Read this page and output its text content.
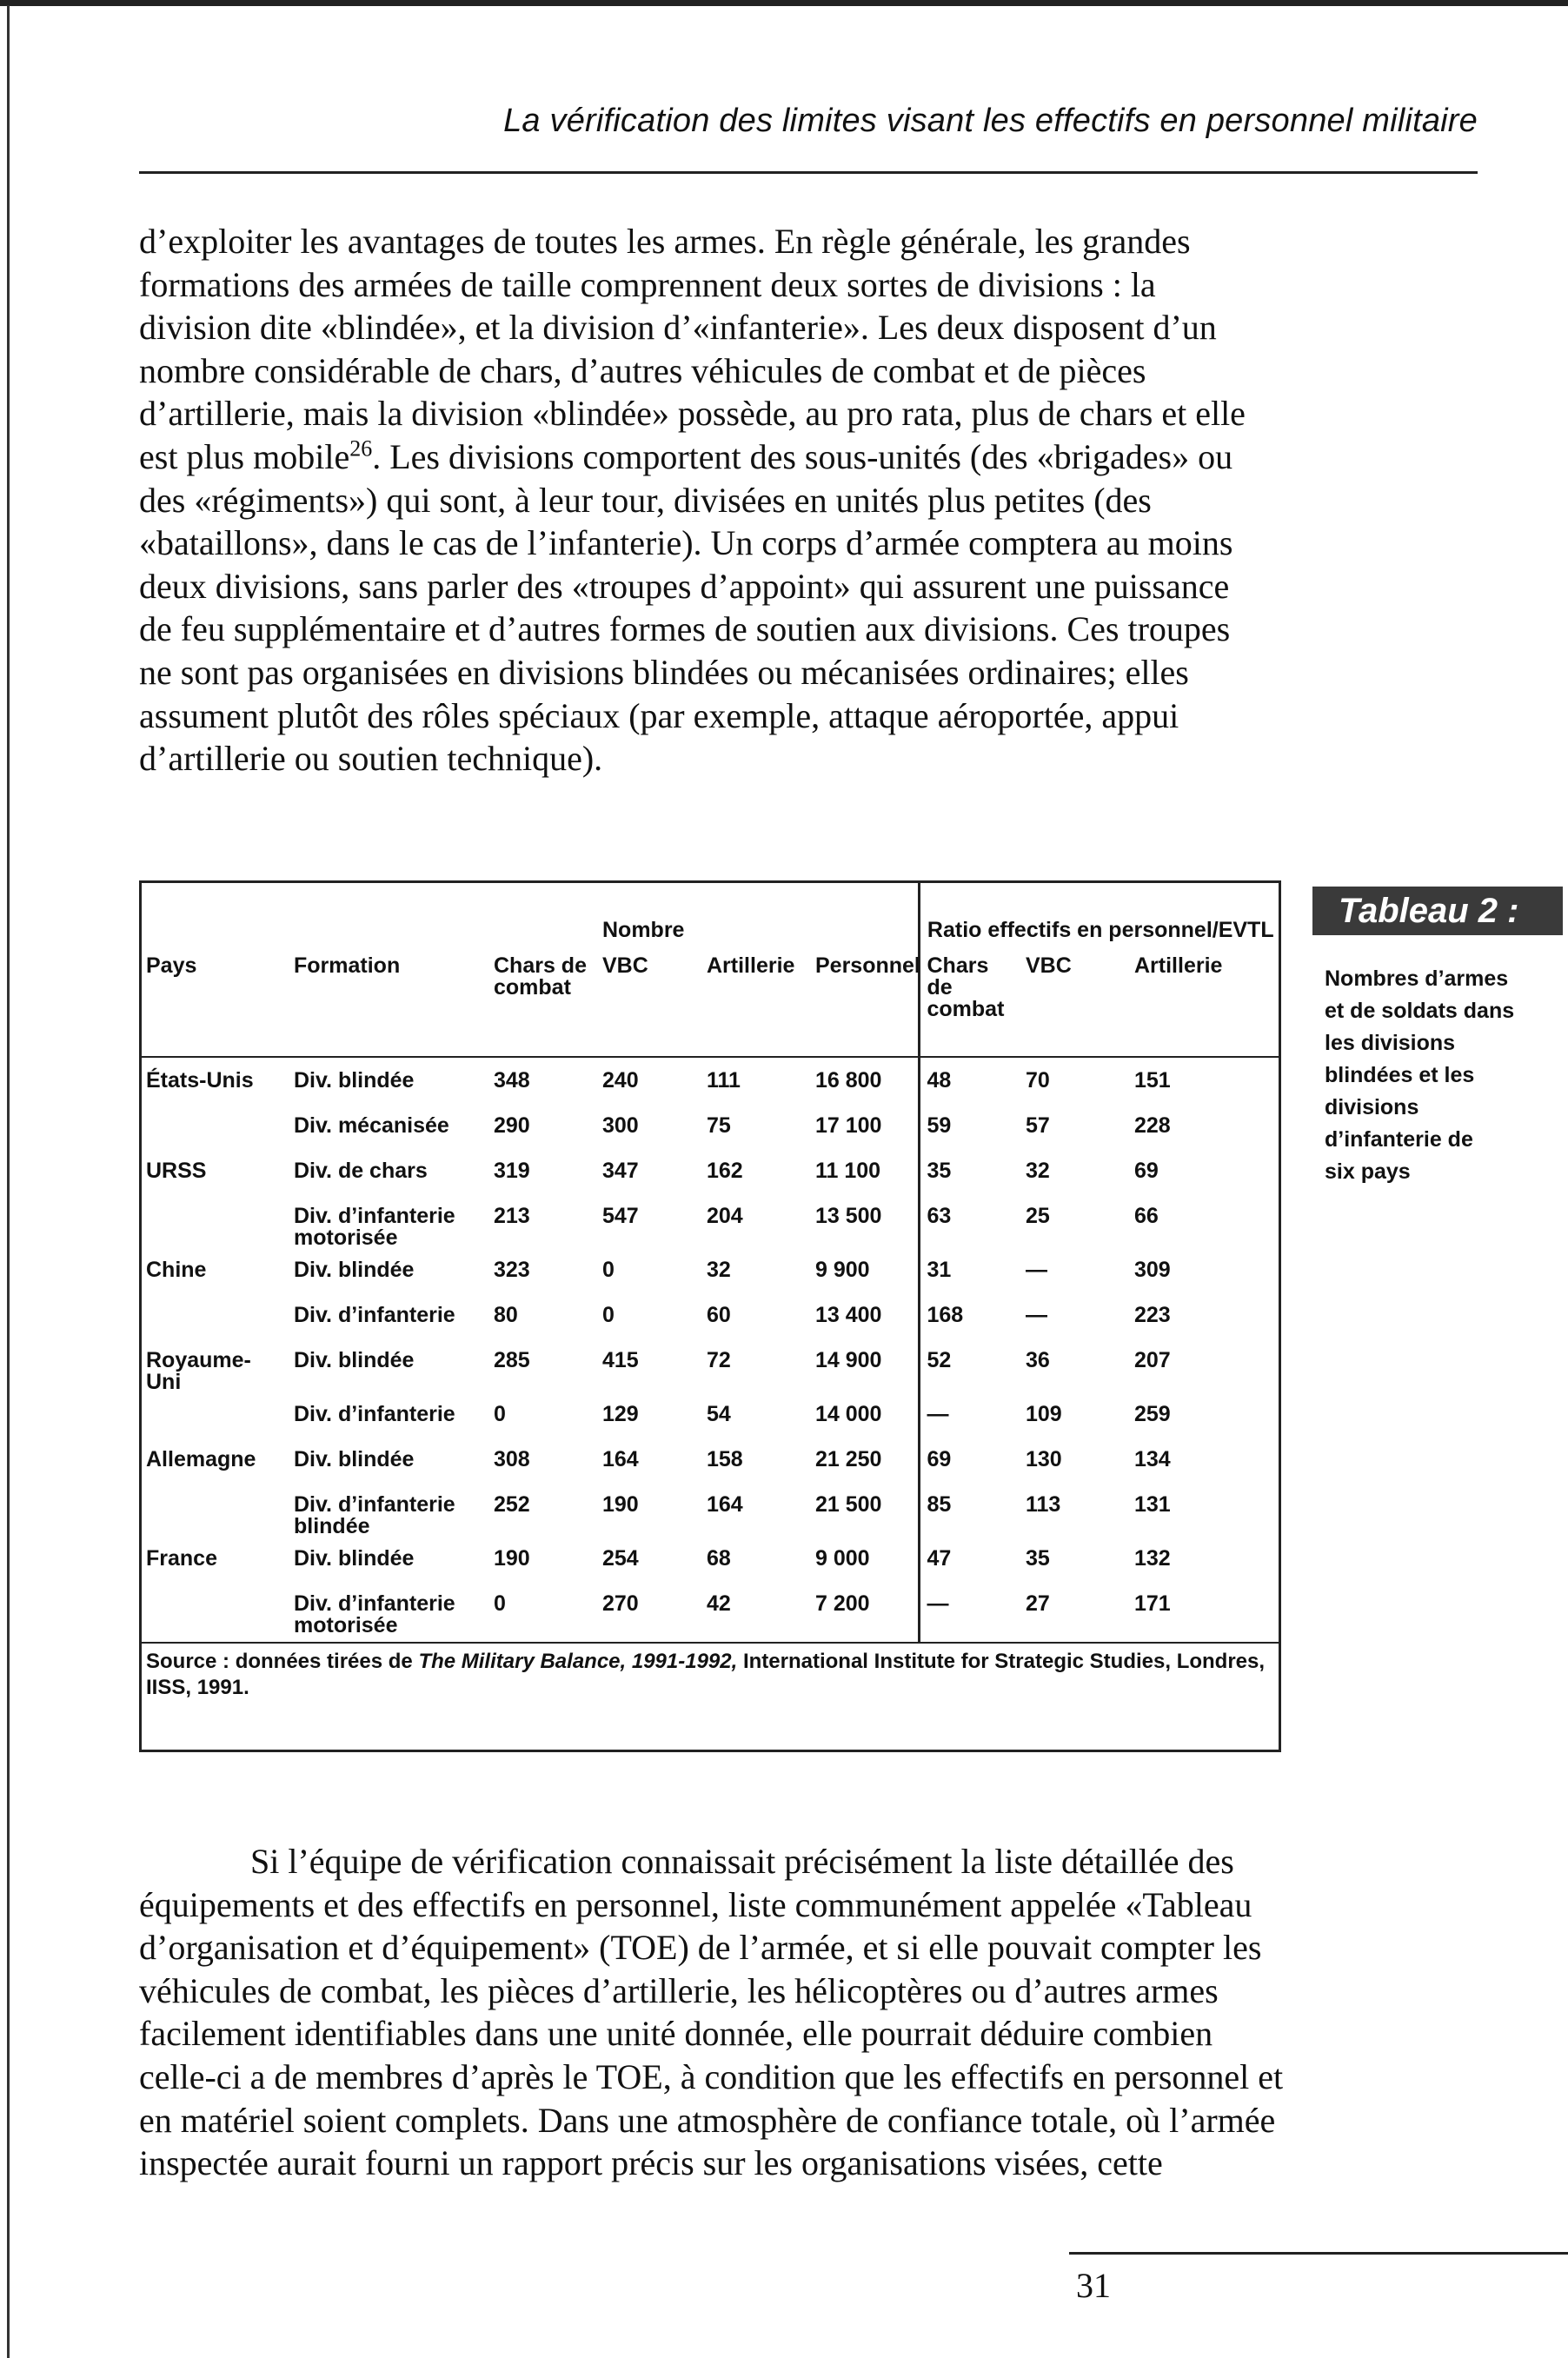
La vérification des limites visant les effectifs en personnel militaire
d’exploiter les avantages de toutes les armes. En règle générale, les grandes
formations des armées de taille comprennent deux sortes de divisions : la
division dite «blindée», et la division d’«infanterie». Les deux disposent d’un
nombre considérable de chars, d’autres véhicules de combat et de pièces
d’artillerie, mais la division «blindée» possède, au pro rata, plus de chars et elle
est plus mobile$^{26}$. Les divisions comportent des sous-unités (des «brigades» ou
des «régiments») qui sont, à leur tour, divisées en unités plus petites (des
«bataillons», dans le cas de l’infanterie). Un corps d’armée comptera au moins
deux divisions, sans parler des «troupes d’appoint» qui assurent une puissance
de feu supplémentaire et d’autres formes de soutien aux divisions. Ces troupes
ne sont pas organisées en divisions blindées ou mécanisées ordinaires; elles
assument plutôt des rôles spéciaux (par exemple, attaque aéroportée, appui
d’artillerie ou soutien technique).
			Nombre			Ratio effectifs en personnel/EVTL		
Pays	Formation	Chars de combat	VBC	Artillerie	Personnel	Chars de combat	VBC	Artillerie
États-Unis	Div. blindée	348	240	111	16 800	48	70	151
	Div. mécanisée	290	300	75	17 100	59	57	228
URSS	Div. de chars	319	347	162	11 100	35	32	69
	Div. d’infanterie motorisée	213	547	204	13 500	63	25	66
Chine	Div. blindée	323	0	32	9 900	31	—	309
	Div. d’infanterie	80	0	60	13 400	168	—	223
Royaume-Uni	Div. blindée	285	415	72	14 900	52	36	207
	Div. d’infanterie	0	129	54	14 000	—	109	259
Allemagne	Div. blindée	308	164	158	21 250	69	130	134
	Div. d’infanterie blindée	252	190	164	21 500	85	113	131
France	Div. blindée	190	254	68	9 000	47	35	132
	Div. d’infanterie motorisée	0	270	42	7 200	—	27	171
Source : données tirées de The Military Balance, 1991-1992, International Institute for Strategic Studies, Londres, IISS, 1991.								
Tableau 2 :
Nombres d’armes
et de soldats dans
les divisions
blindées et les
divisions
d’infanterie de
six pays
Si l’équipe de vérification connaissait précisément la liste détaillée des
équipements et des effectifs en personnel, liste communément appelée «Tableau
d’organisation et d’équipement» (TOE) de l’armée, et si elle pouvait compter les
véhicules de combat, les pièces d’artillerie, les hélicoptères ou d’autres armes
facilement identifiables dans une unité donnée, elle pourrait déduire combien
celle-ci a de membres d’après le TOE, à condition que les effectifs en personnel et
en matériel soient complets. Dans une atmosphère de confiance totale, où l’armée
inspectée aurait fourni un rapport précis sur les organisations visées, cette
31
